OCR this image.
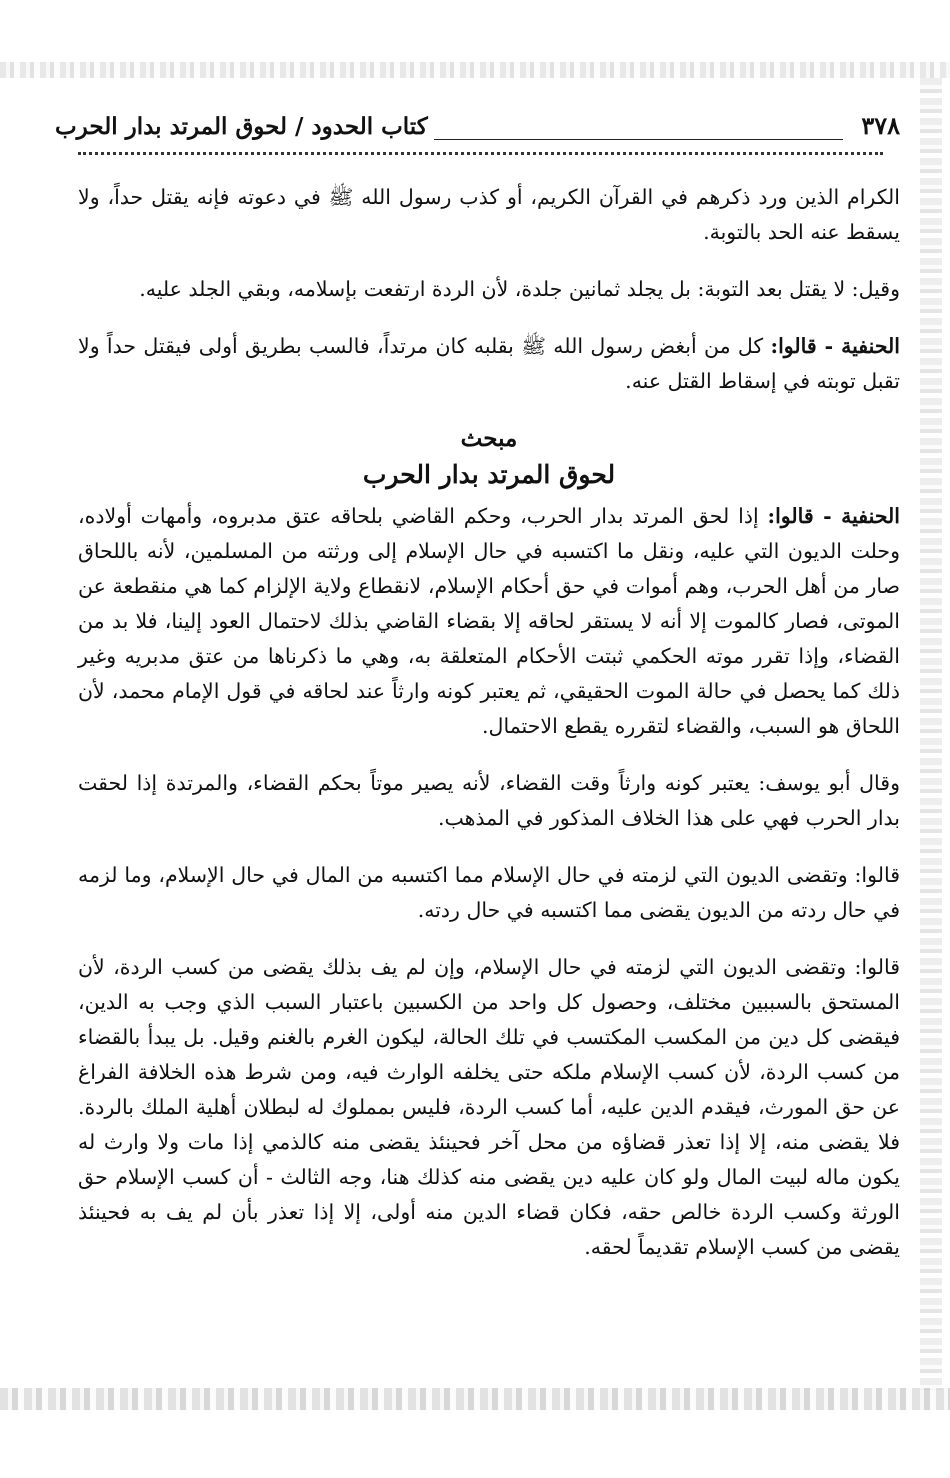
٣٧٨
كتاب الحدود / لحوق المرتد بدار الحرب

الكرام الذين ورد ذكرهم في القرآن الكريم، أو كذب رسول الله ﷺ في دعوته فإنه يقتل حداً، ولا يسقط عنه الحد بالتوبة.

وقيل: لا يقتل بعد التوبة: بل يجلد ثمانين جلدة، لأن الردة ارتفعت بإسلامه، وبقي الجلد عليه.

الحنفية - قالوا: كل من أبغض رسول الله ﷺ بقلبه كان مرتداً، فالسب بطريق أولى فيقتل حداً ولا تقبل توبته في إسقاط القتل عنه.

مبحث
لحوق المرتد بدار الحرب

الحنفية - قالوا: إذا لحق المرتد بدار الحرب، وحكم القاضي بلحاقه عتق مدبروه، وأمهات أولاده، وحلت الديون التي عليه، ونقل ما اكتسبه في حال الإسلام إلى ورثته من المسلمين، لأنه باللحاق صار من أهل الحرب، وهم أموات في حق أحكام الإسلام، لانقطاع ولاية الإلزام كما هي منقطعة عن الموتى، فصار كالموت إلا أنه لا يستقر لحاقه إلا بقضاء القاضي بذلك لاحتمال العود إلينا، فلا بد من القضاء، وإذا تقرر موته الحكمي ثبتت الأحكام المتعلقة به، وهي ما ذكرناها من عتق مدبريه وغير ذلك كما يحصل في حالة الموت الحقيقي، ثم يعتبر كونه وارثاً عند لحاقه في قول الإمام محمد، لأن اللحاق هو السبب، والقضاء لتقرره يقطع الاحتمال.

وقال أبو يوسف: يعتبر كونه وارثاً وقت القضاء، لأنه يصير موتاً بحكم القضاء، والمرتدة إذا لحقت بدار الحرب فهي على هذا الخلاف المذكور في المذهب.

قالوا: وتقضى الديون التي لزمته في حال الإسلام مما اكتسبه من المال في حال الإسلام، وما لزمه في حال ردته من الديون يقضى مما اكتسبه في حال ردته.

قالوا: وتقضى الديون التي لزمته في حال الإسلام، وإن لم يف بذلك يقضى من كسب الردة، لأن المستحق بالسببين مختلف، وحصول كل واحد من الكسبين باعتبار السبب الذي وجب به الدين، فيقضى كل دين من المكسب المكتسب في تلك الحالة، ليكون الغرم بالغنم وقيل. بل يبدأ بالقضاء من كسب الردة، لأن كسب الإسلام ملكه حتى يخلفه الوارث فيه، ومن شرط هذه الخلافة الفراغ عن حق المورث، فيقدم الدين عليه، أما كسب الردة، فليس بمملوك له لبطلان أهلية الملك بالردة. فلا يقضى منه، إلا إذا تعذر قضاؤه من محل آخر فحينئذ يقضى منه كالذمي إذا مات ولا وارث له يكون ماله لبيت المال ولو كان عليه دين يقضى منه كذلك هنا، وجه الثالث - أن كسب الإسلام حق الورثة وكسب الردة خالص حقه، فكان قضاء الدين منه أولى، إلا إذا تعذر بأن لم يف به فحينئذ يقضى من كسب الإسلام تقديماً لحقه.
